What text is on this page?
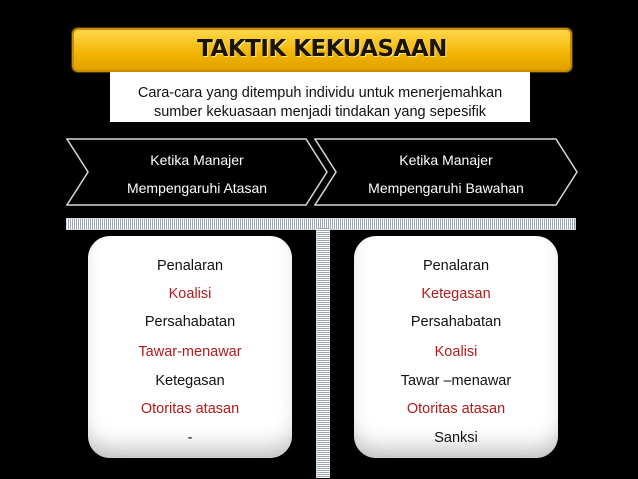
TAKTIK KEKUASAAN
Cara-cara yang ditempuh individu untuk menerjemahkan
sumber kekuasaan menjadi tindakan yang sepesifik
Ketika Manajer
Mempengaruhi Atasan
Ketika Manajer
Mempengaruhi Bawahan
Penalaran
Koalisi
Persahabatan
Tawar-menawar
Ketegasan
Otoritas atasan
-
Penalaran
Ketegasan
Persahabatan
Koalisi
Tawar –menawar
Otoritas atasan
Sanksi
